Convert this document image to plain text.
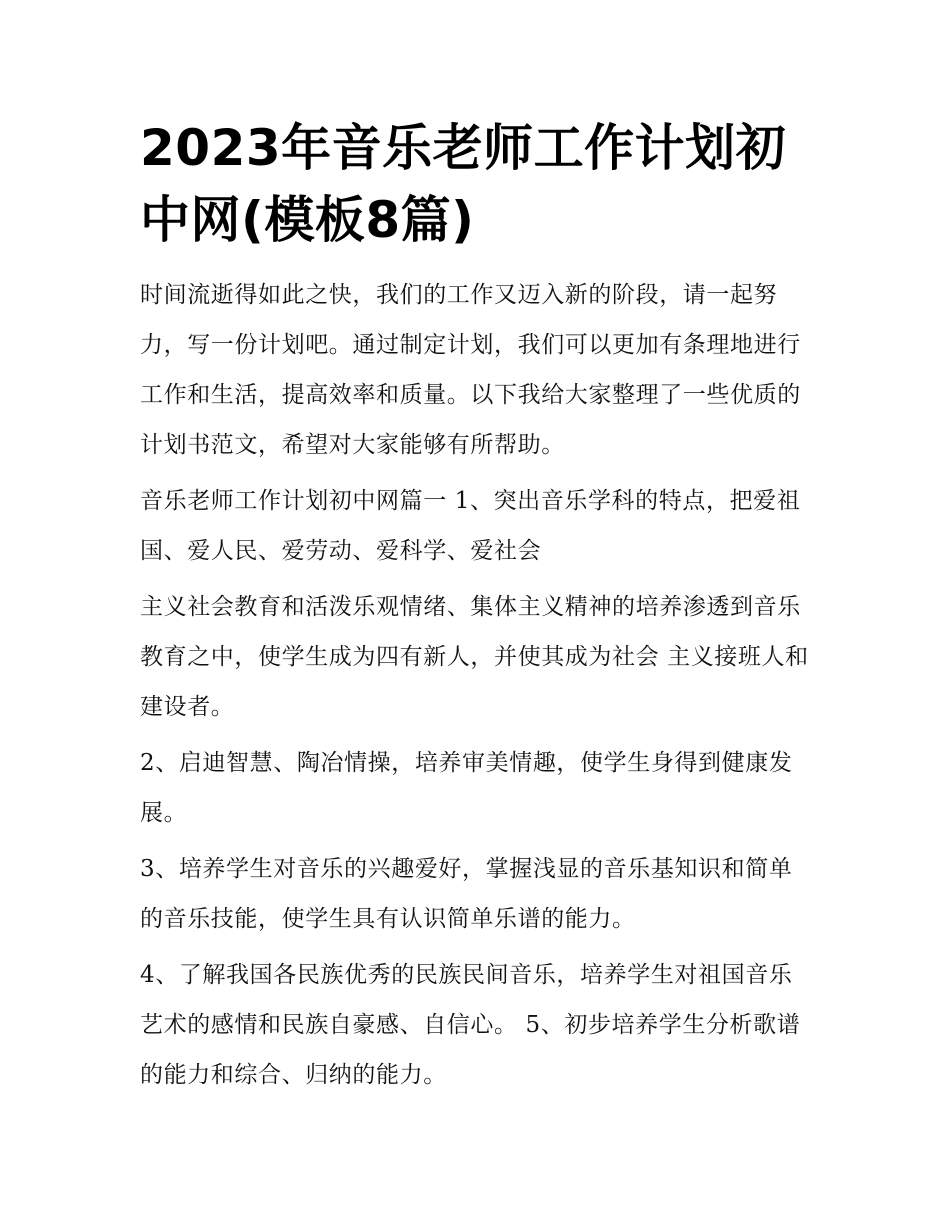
2023年音乐老师工作计划初中网(模板8篇)

时间流逝得如此之快，我们的工作又迈入新的阶段，请一起努力，写一份计划吧。通过制定计划，我们可以更加有条理地进行工作和生活，提高效率和质量。以下我给大家整理了一些优质的计划书范文，希望对大家能够有所帮助。

音乐老师工作计划初中网篇一 1、突出音乐学科的特点，把爱祖国、爱人民、爱劳动、爱科学、爱社会

主义社会教育和活泼乐观情绪、集体主义精神的培养渗透到音乐教育之中，使学生成为四有新人，并使其成为社会 主义接班人和建设者。

2、启迪智慧、陶冶情操，培养审美情趣，使学生身得到健康发展。

3、培养学生对音乐的兴趣爱好，掌握浅显的音乐基知识和简单的音乐技能，使学生具有认识简单乐谱的能力。

4、了解我国各民族优秀的民族民间音乐，培养学生对祖国音乐艺术的感情和民族自豪感、自信心。 5、初步培养学生分析歌谱的能力和综合、归纳的能力。
